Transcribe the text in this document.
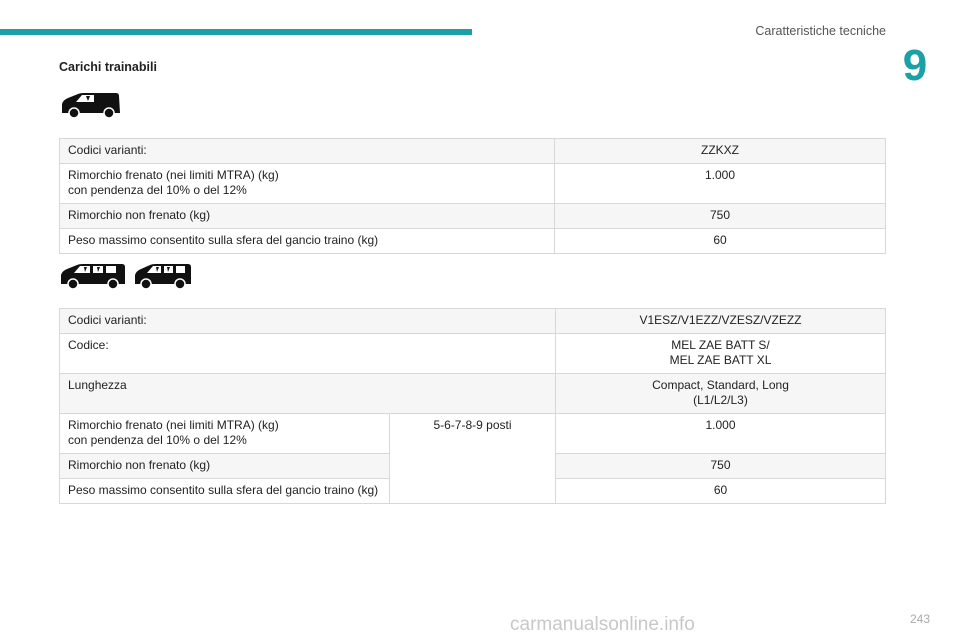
Caratteristiche tecniche
9
Carichi trainabili
Codici varianti:	ZZKXZ
Rimorchio frenato (nei limiti MTRA) (kg)
con pendenza del 10% o del 12%	1.000
Rimorchio non frenato (kg)	750
Peso massimo consentito sulla sfera del gancio traino (kg)	60
Codici varianti:		V1ESZ/V1EZZ/VZESZ/VZEZZ
Codice:		MEL ZAE BATT S/
MEL ZAE BATT XL
Lunghezza		Compact, Standard, Long
(L1/L2/L3)
Rimorchio frenato (nei limiti MTRA) (kg)
con pendenza del 10% o del 12%	5-6-7-8-9 posti	1.000
Rimorchio non frenato (kg)		750
Peso massimo consentito sulla sfera del gancio traino (kg)		60
carmanualsonline.info	243
